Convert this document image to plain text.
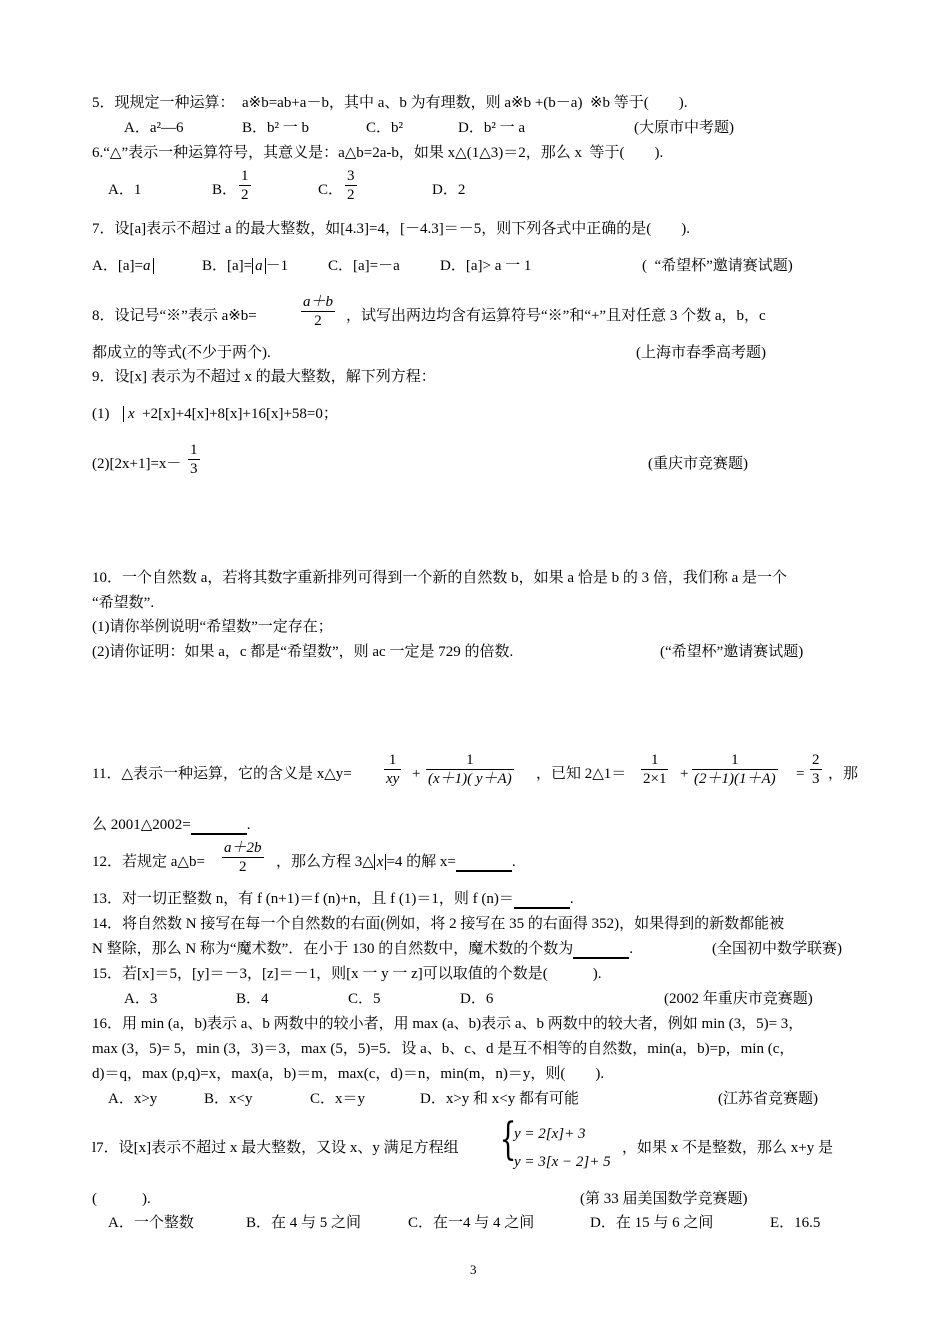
5．现规定一种运算：  a※b=ab+a－b，其中 a、b 为有理数，则 a※b +(b－a)  ※b 等于(        ).
A．a²—6	B．b² 一 b	C．b²	D．b² 一 a	(大原市中考题)
6.“△”表示一种运算符号，其意义是：a△b=2a-b，如果 x△(1△3)＝2，那么 x  等于(        ).
A．1	B．
1
2	C．
3
2	D．2
7．设[a]表示不超过 a 的最大整数，如[4.3]=4，[－4.3]＝－5，则下列各式中正确的是(        ).
A．[a]=a	B．[a]= a －1	C．[a]=－a	D．[a]> a 一 1	(  “希望杯”邀请赛试题)
8．设记号“※”表示 a※b=
a＋b
2 ，试写出两边均含有运算符号“※”和“+”且对任意 3 个数 a，b，c
都成立的等式(不少于两个).	(上海市春季高考题)
9．设[x] 表示为不超过 x 的最大整数，解下列方程：
(1) x +2[x]+4[x]+8[x]+16[x]+58=0；
(2)[2x+1]=x－
1
3	(重庆市竞赛题)
10．一个自然数 a，若将其数字重新排列可得到一个新的自然数 b，如果 a 恰是 b 的 3 倍，我们称 a 是一个
“希望数”.
(1)请你举例说明“希望数”一定存在；
(2)请你证明：如果 a，c 都是“希望数”，则 ac 一定是 729 的倍数.	(“希望杯”邀请赛试题)
11．△表示一种运算，它的含义是 x△y=
1
xy +
1
(x＋1)( y＋A) ，已知 2△1＝
1
2×1 +
1
(2＋1)(1＋A) =
2
3 ，那
么 2001△2002=	.
12．若规定 a△b=
a＋2b
2 ，那么方程 3△ x =4 的解 x=	.
13．对一切正整数 n，有 f (n+1)＝f (n)+n，且 f (1)＝1，则 f (n)＝	.
14．将自然数 N 接写在每一个自然数的右面(例如，将 2 接写在 35 的右面得 352)，如果得到的新数都能被
N 整除，那么 N 称为“魔术数”．在小于 130 的自然数中，魔术数的个数为	.	(全国初中数学联赛)
15．若[x]＝5，[y]＝－3，[z]＝－1，则[x 一 y 一 z]可以取值的个数是(            ).
A．3	B．4	C．5	D．6	(2002 年重庆市竞赛题)
16．用 min (a，b)表示 a、b 两数中的较小者，用 max (a、b)表示 a、b 两数中的较大者，例如 min (3，5)= 3，
max (3，5)= 5，min (3，3)＝3，max (5，5)=5．设 a、b、c、d 是互不相等的自然数，min(a，b)=p，min (c，
d)＝q，max (p,q)=x，max(a，b)＝m，max(c，d)＝n，min(m，n)＝y，则(        ).
A．x>y	B．x<y	C．x＝y	D．x>y 和 x<y 都有可能	(江苏省竞赛题)
l7．设[x]表示不超过 x 最大整数，又设 x、y 满足方程组 {
y = 2[x]+ 3
y = 3[x − 2]+ 5
，如果 x 不是整数，那么 x+y 是
(            ).	(第 33 届美国数学竞赛题)
A．一个整数	B．在 4 与 5 之间	C．在一4 与 4 之间	D．在 15 与 6 之间	E．16.5
3
